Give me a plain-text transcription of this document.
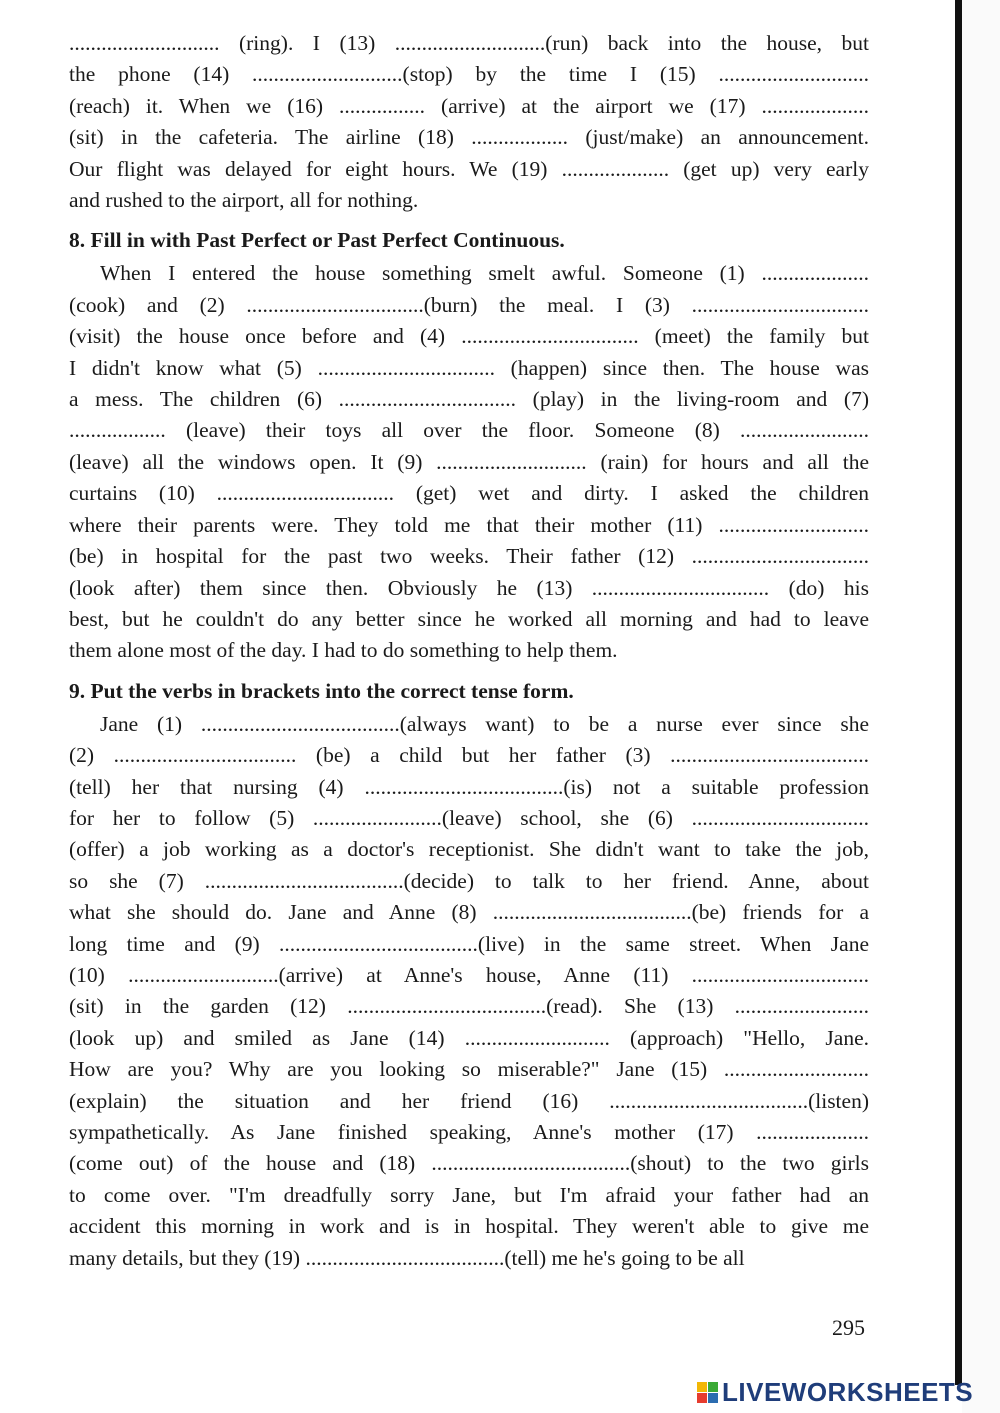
............................ (ring). I (13) ............................(run) back into the house, but
the phone (14) ............................(stop) by the time I (15) ............................
(reach) it. When we (16) ................ (arrive) at the airport we (17) ....................
(sit) in the cafeteria. The airline (18) .................. (just/make) an announcement.
Our flight was delayed for eight hours. We (19) .................... (get up) very early
and rushed to the airport, all for nothing.
8. Fill in with Past Perfect or Past Perfect Continuous.
When I entered the house something smelt awful. Someone (1) ....................
(cook) and (2) .................................(burn) the meal. I (3) .................................
(visit) the house once before and (4) ................................. (meet) the family but
I didn't know what (5) ................................. (happen) since then. The house was
a mess. The children (6) ................................. (play) in the living-room and (7)
.................. (leave) their toys all over the floor. Someone (8) ........................
(leave) all the windows open. It (9) ............................ (rain) for hours and all the
curtains (10) ................................. (get) wet and dirty. I asked the children
where their parents were. They told me that their mother (11) ............................
(be) in hospital for the past two weeks. Their father (12) .................................
(look after) them since then. Obviously he (13) ................................. (do) his
best, but he couldn't do any better since he worked all morning and had to leave
them alone most of the day. I had to do something to help them.
9. Put the verbs in brackets into the correct tense form.
Jane (1) .....................................(always want) to be a nurse ever since she
(2) .................................. (be) a child but her father (3) .....................................
(tell) her that nursing (4) .....................................(is) not a suitable profession
for her to follow (5) ........................(leave) school, she (6) .................................
(offer) a job working as a doctor's receptionist. She didn't want to take the job,
so she (7) .....................................(decide) to talk to her friend. Anne, about
what she should do. Jane and Anne (8) .....................................(be) friends for a
long time and (9) .....................................(live) in the same street. When Jane
(10) ............................(arrive) at Anne's house, Anne (11) .................................
(sit) in the garden (12) .....................................(read). She (13) .........................
(look up) and smiled as Jane (14) ........................... (approach) "Hello, Jane.
How are you? Why are you looking so miserable?" Jane (15) ...........................
(explain) the situation and her friend (16) .....................................(listen)
sympathetically. As Jane finished speaking, Anne's mother (17) .....................
(come out) of the house and (18) .....................................(shout) to the two girls
to come over. "I'm dreadfully sorry Jane, but I'm afraid your father had an
accident this morning in work and is in hospital. They weren't able to give me
many details, but they (19) .....................................(tell) me he's going to be all
295
LIVEWORKSHEETS
